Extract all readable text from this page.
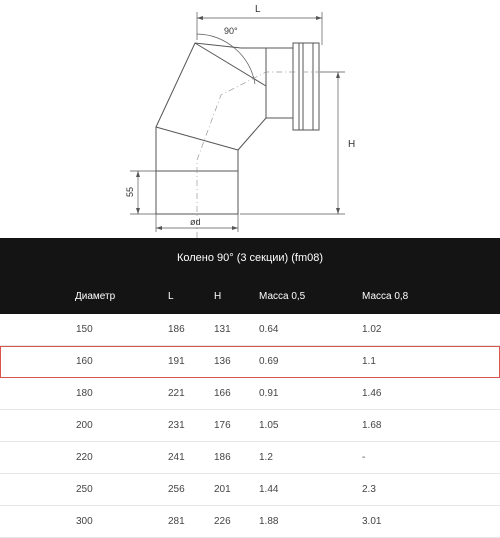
L
90°
H
55
ød
Колено 90° (3 секции) (fm08)
Диаметр	L	H	Масса 0,5	Масса 0,8
150	186	131	0.64	1.02
160	191	136	0.69	1.1
180	221	166	0.91	1.46
200	231	176	1.05	1.68
220	241	186	1.2	-
250	256	201	1.44	2.3
300	281	226	1.88	3.01
